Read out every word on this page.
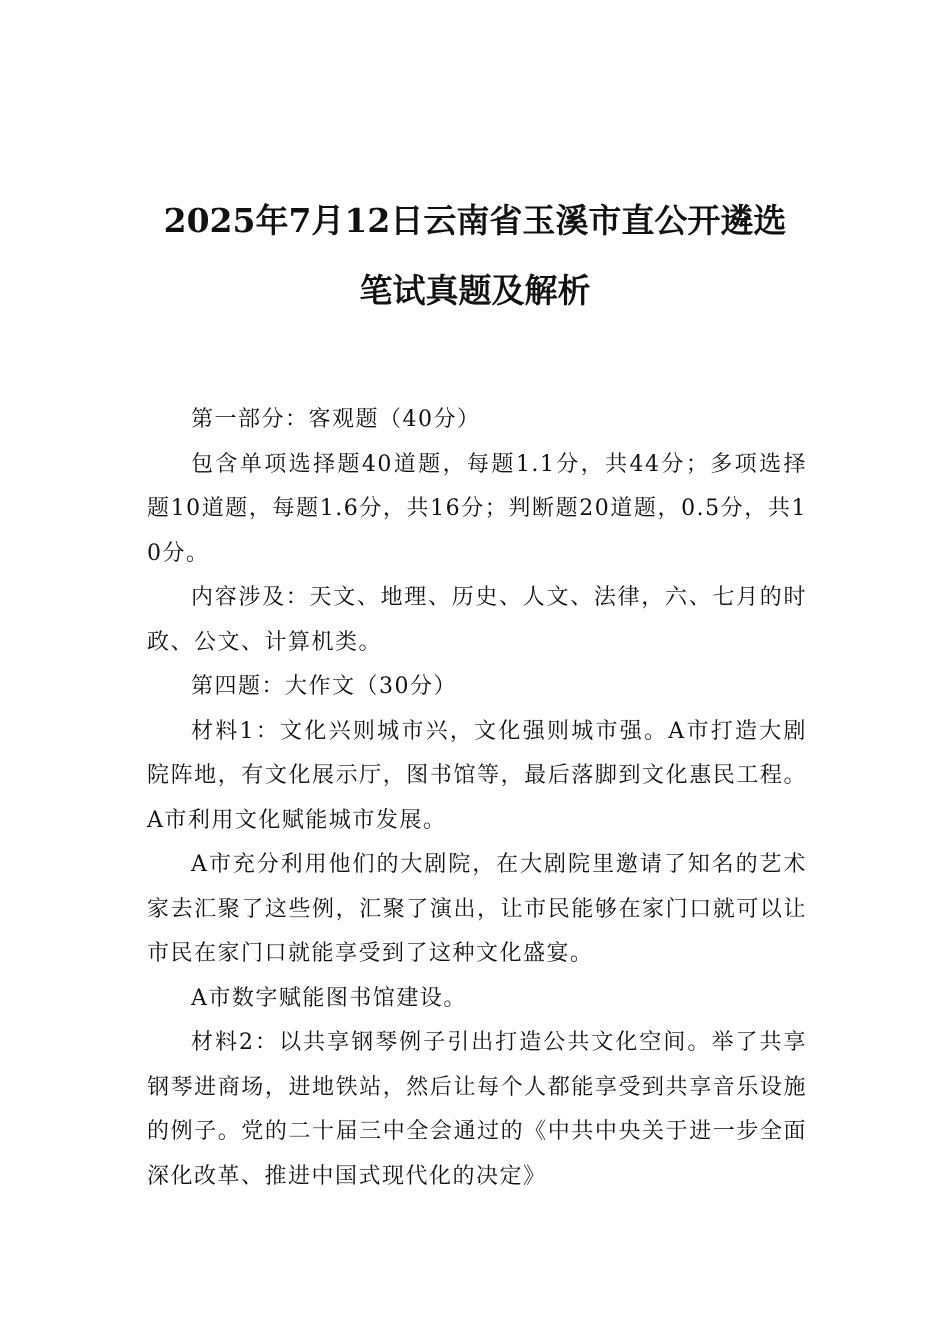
2025年7月12日云南省玉溪市直公开遴选
笔试真题及解析

第一部分：客观题（40分）

包含单项选择题40道题，每题1.1分，共44分；多项选择题10道题，每题1.6分，共16分；判断题20道题，0.5分，共10分。

内容涉及：天文、地理、历史、人文、法律，六、七月的时政、公文、计算机类。

第四题：大作文（30分）

材料1：文化兴则城市兴，文化强则城市强。A市打造大剧院阵地，有文化展示厅，图书馆等，最后落脚到文化惠民工程。A市利用文化赋能城市发展。

A市充分利用他们的大剧院，在大剧院里邀请了知名的艺术家去汇聚了这些例，汇聚了演出，让市民能够在家门口就可以让市民在家门口就能享受到了这种文化盛宴。

A市数字赋能图书馆建设。

材料2：以共享钢琴例子引出打造公共文化空间。举了共享钢琴进商场，进地铁站，然后让每个人都能享受到共享音乐设施的例子。党的二十届三中全会通过的《中共中央关于进一步全面深化改革、推进中国式现代化的决定》
